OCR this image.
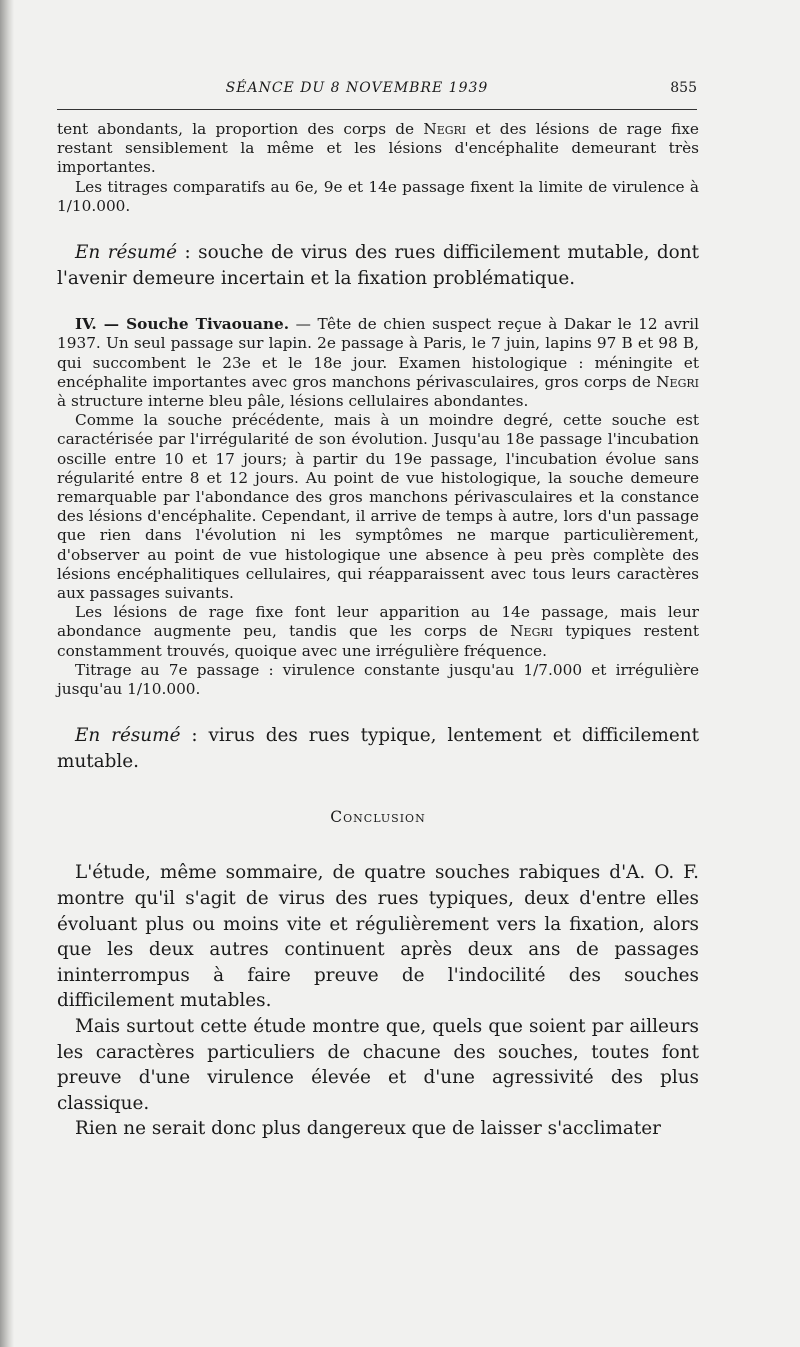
SÉANCE DU 8 NOVEMBRE 1939	855

tent abondants, la proportion des corps de Negri et des lésions de rage fixe restant sensiblement la même et les lésions d'encéphalite demeurant très importantes.

Les titrages comparatifs au 6e, 9e et 14e passage fixent la limite de virulence à 1/10.000.

En résumé : souche de virus des rues difficilement mutable, dont l'avenir demeure incertain et la fixation problématique.

IV. — Souche Tivaouane. — Tête de chien suspect reçue à Dakar le 12 avril 1937. Un seul passage sur lapin. 2e passage à Paris, le 7 juin, lapins 97 B et 98 B, qui succombent le 23e et le 18e jour. Examen histologique : méningite et encéphalite importantes avec gros manchons périvasculaires, gros corps de Negri à structure interne bleu pâle, lésions cellulaires abondantes.

Comme la souche précédente, mais à un moindre degré, cette souche est caractérisée par l'irrégularité de son évolution. Jusqu'au 18e passage l'incubation oscille entre 10 et 17 jours; à partir du 19e passage, l'incubation évolue sans régularité entre 8 et 12 jours. Au point de vue histologique, la souche demeure remarquable par l'abondance des gros manchons périvasculaires et la constance des lésions d'encéphalite. Cependant, il arrive de temps à autre, lors d'un passage que rien dans l'évolution ni les symptômes ne marque particulièrement, d'observer au point de vue histologique une absence à peu près complète des lésions encéphalitiques cellulaires, qui réapparaissent avec tous leurs caractères aux passages suivants.

Les lésions de rage fixe font leur apparition au 14e passage, mais leur abondance augmente peu, tandis que les corps de Negri typiques restent constamment trouvés, quoique avec une irrégulière fréquence.

Titrage au 7e passage : virulence constante jusqu'au 1/7.000 et irrégulière jusqu'au 1/10.000.

En résumé : virus des rues typique, lentement et difficilement mutable.

Conclusion

L'étude, même sommaire, de quatre souches rabiques d'A. O. F. montre qu'il s'agit de virus des rues typiques, deux d'entre elles évoluant plus ou moins vite et régulièrement vers la fixation, alors que les deux autres continuent après deux ans de passages ininterrompus à faire preuve de l'indocilité des souches difficilement mutables.

Mais surtout cette étude montre que, quels que soient par ailleurs les caractères particuliers de chacune des souches, toutes font preuve d'une virulence élevée et d'une agressivité des plus classique.

Rien ne serait donc plus dangereux que de laisser s'acclimater
